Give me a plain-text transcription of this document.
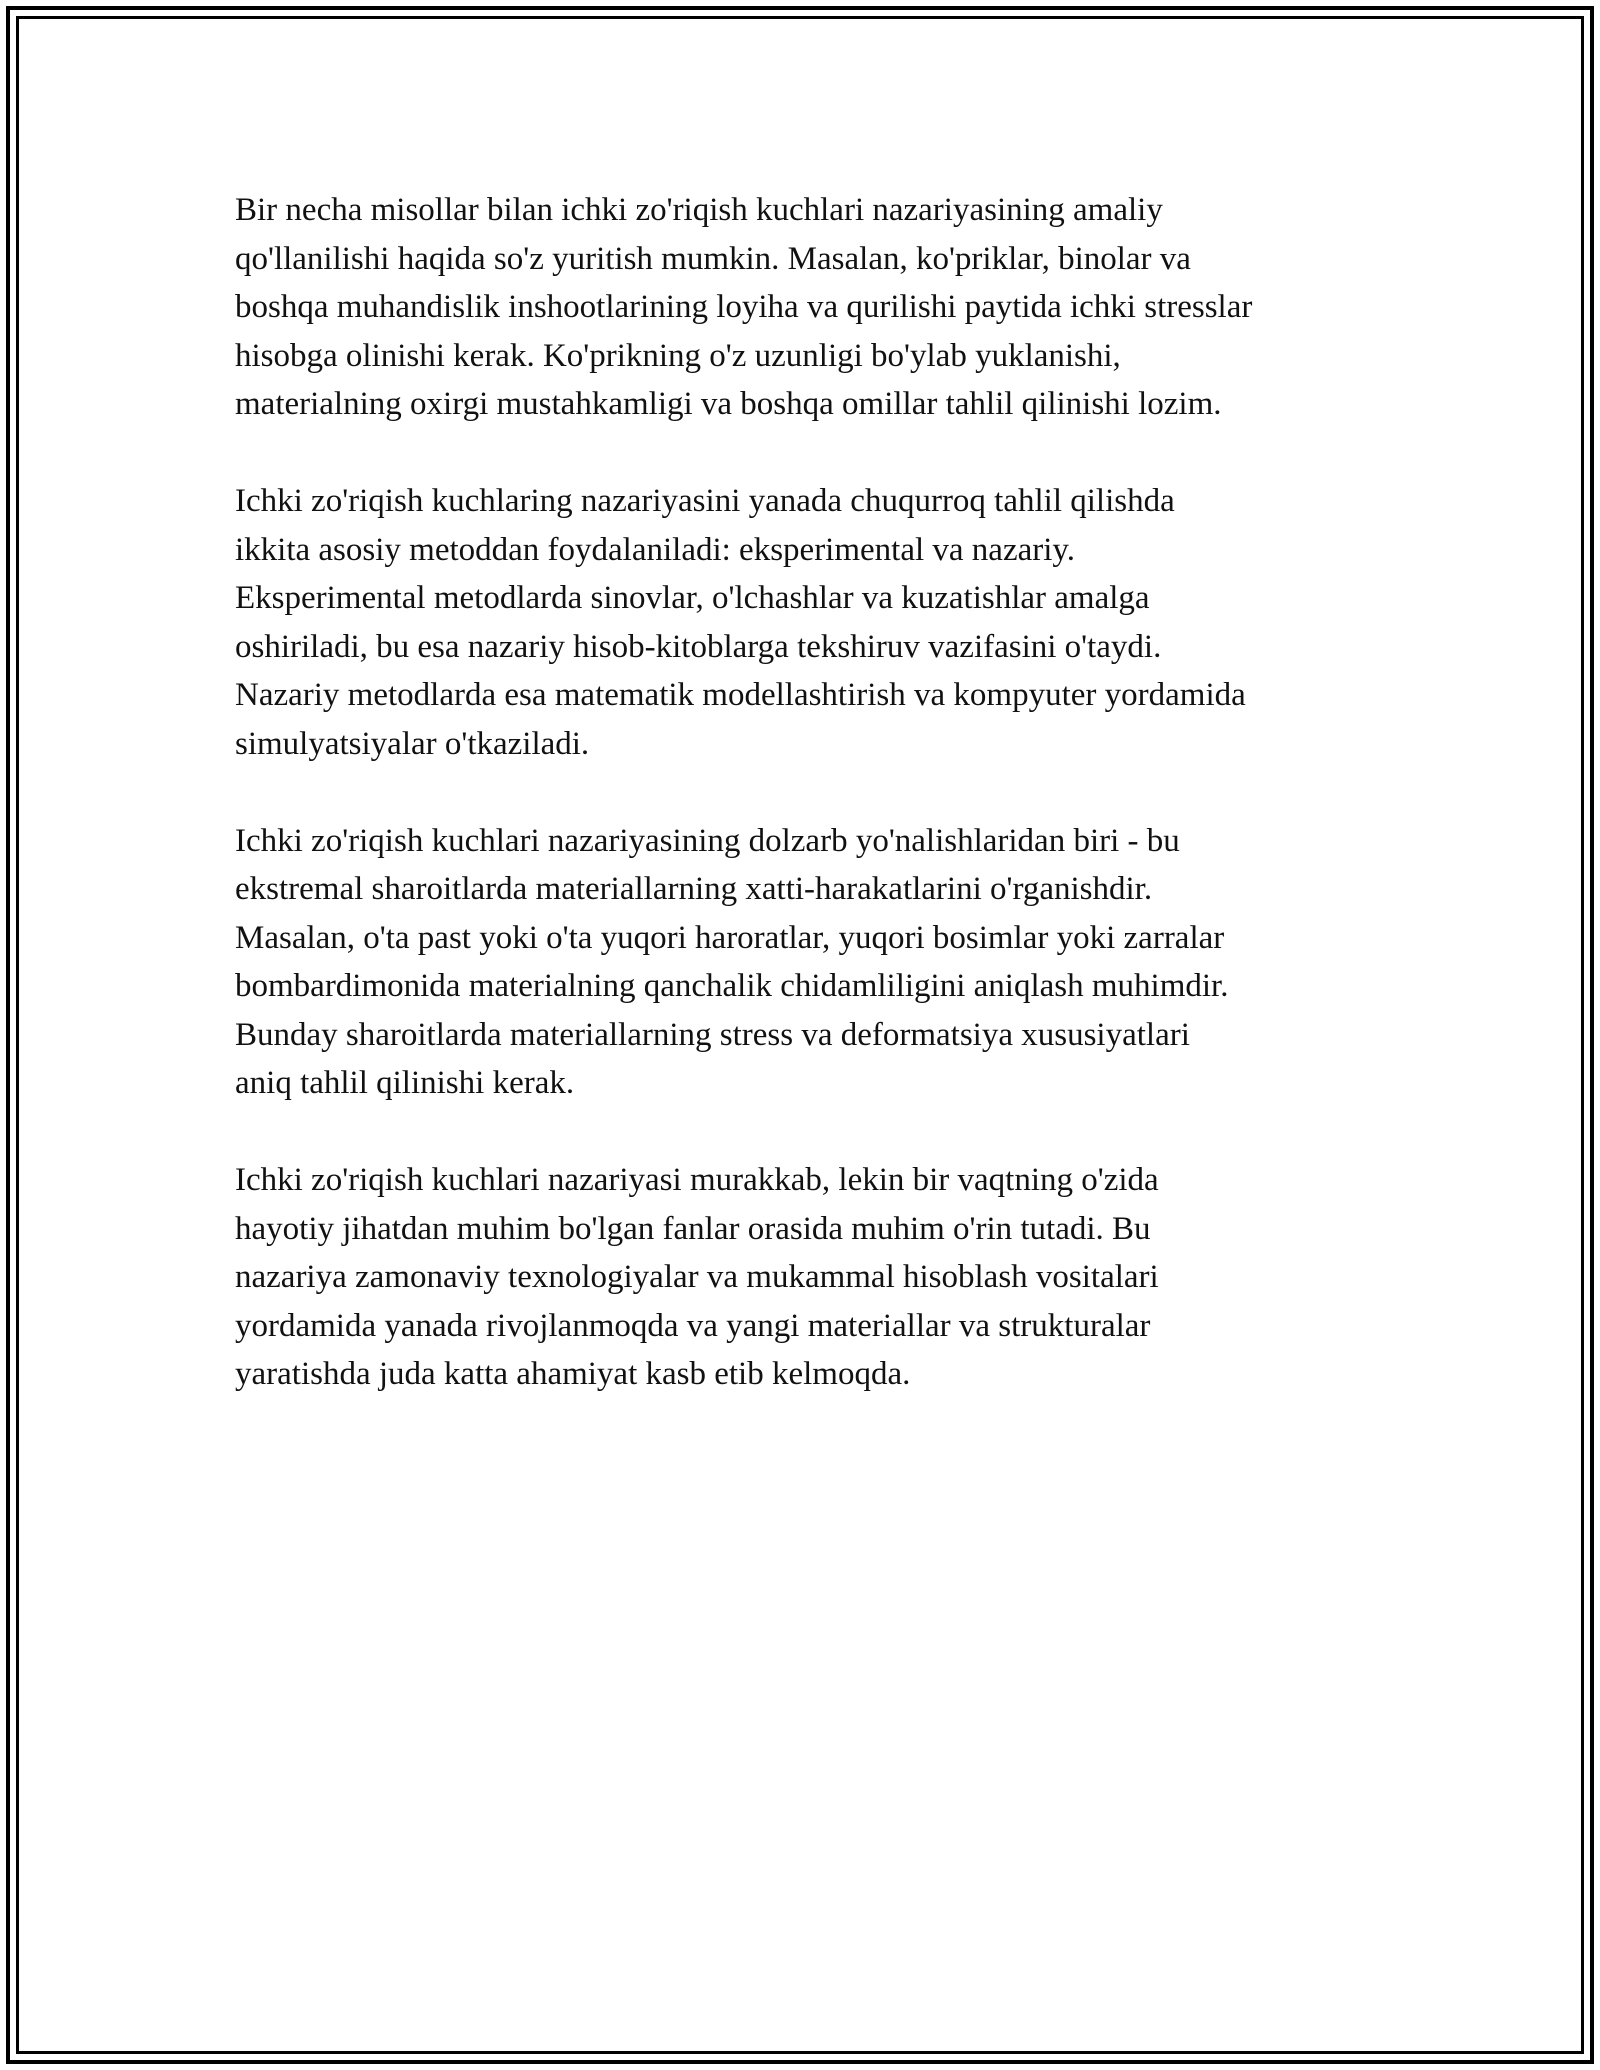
Bir necha misollar bilan ichki zo'riqish kuchlari nazariyasining amaliy
qo'llanilishi haqida so'z yuritish mumkin. Masalan, ko'priklar, binolar va
boshqa muhandislik inshootlarining loyiha va qurilishi paytida ichki stresslar
hisobga olinishi kerak. Ko'prikning o'z uzunligi bo'ylab yuklanishi,
materialning oxirgi mustahkamligi va boshqa omillar tahlil qilinishi lozim.

Ichki zo'riqish kuchlaring nazariyasini yanada chuqurroq tahlil qilishda
ikkita asosiy metoddan foydalaniladi: eksperimental va nazariy.
Eksperimental metodlarda sinovlar, o'lchashlar va kuzatishlar amalga
oshiriladi, bu esa nazariy hisob-kitoblarga tekshiruv vazifasini o'taydi.
Nazariy metodlarda esa matematik modellashtirish va kompyuter yordamida
simulyatsiyalar o'tkaziladi.

Ichki zo'riqish kuchlari nazariyasining dolzarb yo'nalishlaridan biri - bu
ekstremal sharoitlarda materiallarning xatti-harakatlarini o'rganishdir.
Masalan, o'ta past yoki o'ta yuqori haroratlar, yuqori bosimlar yoki zarralar
bombardimonida materialning qanchalik chidamliligini aniqlash muhimdir.
Bunday sharoitlarda materiallarning stress va deformatsiya xususiyatlari
aniq tahlil qilinishi kerak.

Ichki zo'riqish kuchlari nazariyasi murakkab, lekin bir vaqtning o'zida
hayotiy jihatdan muhim bo'lgan fanlar orasida muhim o'rin tutadi. Bu
nazariya zamonaviy texnologiyalar va mukammal hisoblash vositalari
yordamida yanada rivojlanmoqda va yangi materiallar va strukturalar
yaratishda juda katta ahamiyat kasb etib kelmoqda.
